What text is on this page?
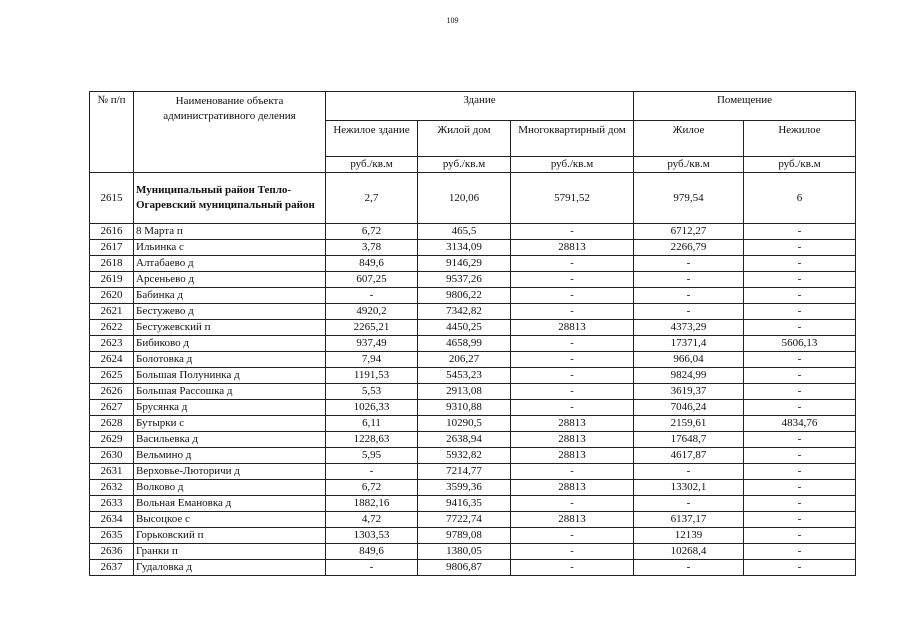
109
№ п/п	Наименование объекта административного деления	Здание			Помещение	
		Нежилое здание	Жилой дом	Многоквартирный дом	Жилое	Нежилое
		руб./кв.м	руб./кв.м	руб./кв.м	руб./кв.м	руб./кв.м
2615	Муниципальный район Тепло-Огаревский муниципальный район	2,7	120,06	5791,52	979,54	6
2616	8 Марта п	6,72	465,5	-	6712,27	-
2617	Ильинка с	3,78	3134,09	28813	2266,79	-
2618	Алтабаево д	849,6	9146,29	-	-	-
2619	Арсеньево д	607,25	9537,26	-	-	-
2620	Бабинка д	-	9806,22	-	-	-
2621	Бестужево д	4920,2	7342,82	-	-	-
2622	Бестужевский п	2265,21	4450,25	28813	4373,29	-
2623	Бибиково д	937,49	4658,99	-	17371,4	5606,13
2624	Болотовка д	7,94	206,27	-	966,04	-
2625	Большая Полунинка д	1191,53	5453,23	-	9824,99	-
2626	Большая Рассошка д	5,53	2913,08	-	3619,37	-
2627	Брусянка д	1026,33	9310,88	-	7046,24	-
2628	Бутырки с	6,11	10290,5	28813	2159,61	4834,76
2629	Васильевка д	1228,63	2638,94	28813	17648,7	-
2630	Вельмино д	5,95	5932,82	28813	4617,87	-
2631	Верховье-Лютоpичи д	-	7214,77	-	-	-
2632	Волково д	6,72	3599,36	28813	13302,1	-
2633	Вольная Емановка д	1882,16	9416,35	-	-	-
2634	Высоцкое с	4,72	7722,74	28813	6137,17	-
2635	Горьковский п	1303,53	9789,08	-	12139	-
2636	Гранки п	849,6	1380,05	-	10268,4	-
2637	Гудаловка д	-	9806,87	-	-	-
